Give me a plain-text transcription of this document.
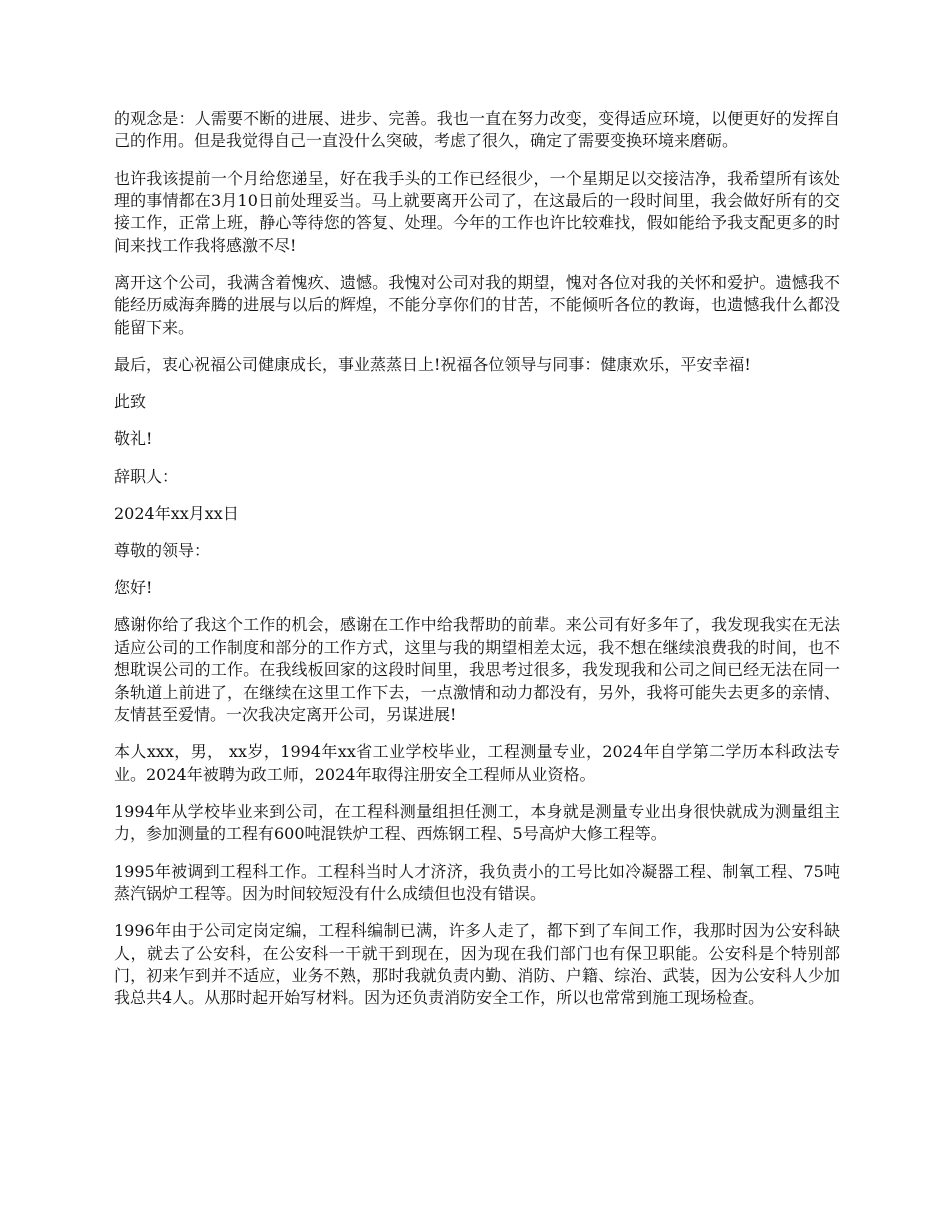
的观念是：人需要不断的进展、进步、完善。我也一直在努力改变，变得适应环境，以便更好的发挥自己的作用。但是我觉得自己一直没什么突破，考虑了很久，确定了需要变换环境来磨砺。

也许我该提前一个月给您递呈，好在我手头的工作已经很少，一个星期足以交接洁净，我希望所有该处理的事情都在3月10日前处理妥当。马上就要离开公司了，在这最后的一段时间里，我会做好所有的交接工作，正常上班，静心等待您的答复、处理。今年的工作也许比较难找，假如能给予我支配更多的时间来找工作我将感激不尽!

离开这个公司，我满含着愧疚、遗憾。我愧对公司对我的期望，愧对各位对我的关怀和爱护。遗憾我不能经历威海奔腾的进展与以后的辉煌，不能分享你们的甘苦，不能倾听各位的教诲，也遗憾我什么都没能留下来。

最后，衷心祝福公司健康成长，事业蒸蒸日上!祝福各位领导与同事：健康欢乐，平安幸福!

此致

敬礼!

辞职人：

2024年xx月xx日

尊敬的领导：

您好!

感谢你给了我这个工作的机会，感谢在工作中给我帮助的前辈。来公司有好多年了，我发现我实在无法适应公司的工作制度和部分的工作方式，这里与我的期望相差太远，我不想在继续浪费我的时间，也不想耽误公司的工作。在我线板回家的这段时间里，我思考过很多，我发现我和公司之间已经无法在同一条轨道上前进了，在继续在这里工作下去，一点激情和动力都没有，另外，我将可能失去更多的亲情、友情甚至爱情。一次我决定离开公司，另谋进展!

本人xxx，男， xx岁，1994年xx省工业学校毕业，工程测量专业，2024年自学第二学历本科政法专业。2024年被聘为政工师，2024年取得注册安全工程师从业资格。

1994年从学校毕业来到公司，在工程科测量组担任测工，本身就是测量专业出身很快就成为测量组主力，参加测量的工程有600吨混铁炉工程、西炼钢工程、5号高炉大修工程等。

1995年被调到工程科工作。工程科当时人才济济，我负责小的工号比如冷凝器工程、制氧工程、75吨蒸汽锅炉工程等。因为时间较短没有什么成绩但也没有错误。

1996年由于公司定岗定编，工程科编制已满，许多人走了，都下到了车间工作，我那时因为公安科缺人，就去了公安科，在公安科一干就干到现在，因为现在我们部门也有保卫职能。公安科是个特别部门，初来乍到并不适应，业务不熟，那时我就负责内勤、消防、户籍、综治、武装，因为公安科人少加我总共4人。从那时起开始写材料。因为还负责消防安全工作，所以也常常到施工现场检查。
